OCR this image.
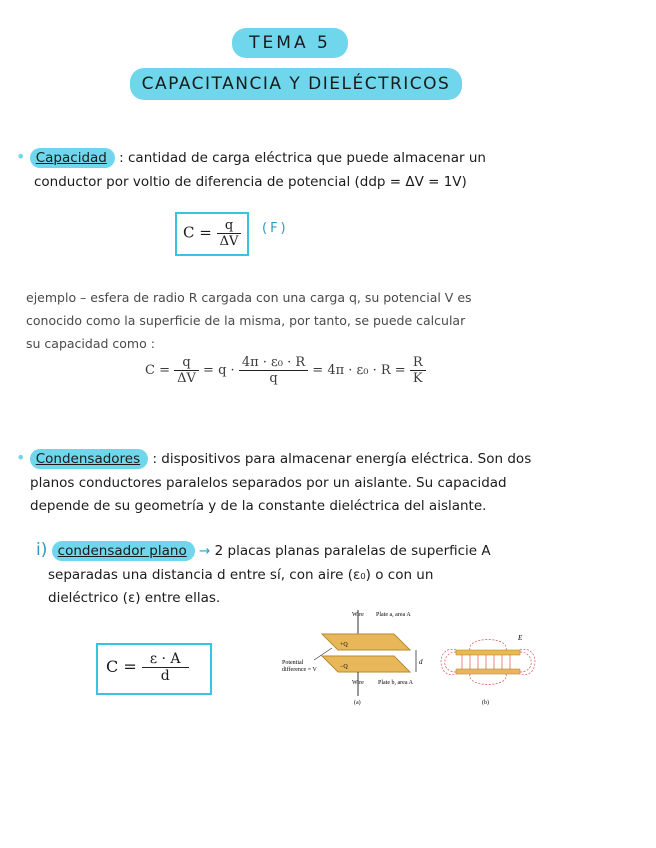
TEMA 5
CAPACITANCIA Y DIELÉCTRICOS
• Capacidad : cantidad de carga eléctrica que puede almacenar un
conductor por voltio de diferencia de potencial (ddp = ΔV = 1V)
$C = \frac{q}{\Delta V} (F)$
ejemplo – esfera de radio R cargada con una carga q, su potencial V es
conocido como la superficie de la misma, por tanto, se puede calcular
su capacidad como :
$C = \frac{q}{\Delta V} = q \cdot \frac{\text{4π · ε₀ · R}}{q} = 4\pi \cdot \varepsilon_0 \cdot R = \frac{R}{K}$
• Condensadores : dispositivos para almacenar energía eléctrica. Son dos
planos conductores paralelos separados por un aislante. Su capacidad
depende de su geometría y de la constante dieléctrica del aislante.
i) condensador plano → 2 placas planas paralelas de superficie A
separadas una distancia d entre sí, con aire (ε₀) o con un
dieléctrico (ε) entre ellas.
$C = \frac{\varepsilon \cdot A}{d}$
Wire Plate a, area A
+Q
−Q
Potential
difference = V
d
Wire Plate b, area A
(a)
E
(b)
